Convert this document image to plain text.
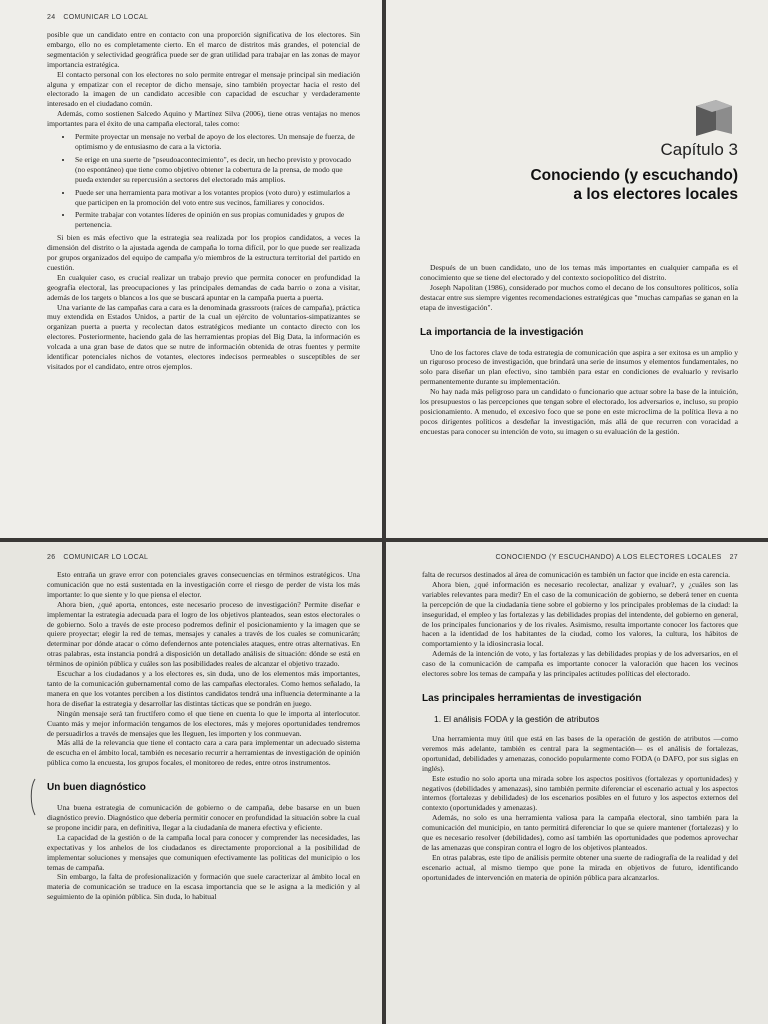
24 COMUNICAR LO LOCAL

posible que un candidato entre en contacto con una proporción significativa de los electores. Sin embargo, ello no es completamente cierto. En el marco de distritos más grandes, el potencial de segmentación y selectividad geográfica puede ser de gran utilidad para trabajar en las zonas de mayor importancia estratégica.

El contacto personal con los electores no solo permite entregar el mensaje principal sin mediación alguna y empatizar con el receptor de dicho mensaje, sino también proyectar hacia el resto del electorado la imagen de un candidato accesible con capacidad de escuchar y verdaderamente interesado en el ciudadano común.

Además, como sostienen Salcedo Aquino y Martínez Silva (2006), tiene otras ventajas no menos importantes para el éxito de una campaña electoral, tales como:

• Permite proyectar un mensaje no verbal de apoyo de los electores. Un mensaje de fuerza, de optimismo y de entusiasmo de cara a la victoria.
• Se erige en una suerte de "pseudoacontecimiento", es decir, un hecho previsto y provocado (no espontáneo) que tiene como objetivo obtener la cobertura de la prensa, de modo que pueda extender su repercusión a sectores del electorado más amplios.
• Puede ser una herramienta para motivar a los votantes propios (voto duro) y estimularlos a que participen en la promoción del voto entre sus vecinos, familiares y conocidos.
• Permite trabajar con votantes líderes de opinión en sus propias comunidades y grupos de pertenencia.

Si bien es más efectivo que la estrategia sea realizada por los propios candidatos, a veces la dimensión del distrito o la ajustada agenda de campaña lo torna difícil, por lo que puede ser realizada por grupos organizados del equipo de campaña y/o miembros de la estructura territorial del partido en cuestión.

En cualquier caso, es crucial realizar un trabajo previo que permita conocer en profundidad la geografía electoral, las preocupaciones y las principales demandas de cada barrio o zona a visitar, además de los targets o blancos a los que se buscará apuntar en la campaña puerta a puerta.

Una variante de las campañas cara a cara es la denominada grassroots (raíces de campaña), práctica muy extendida en Estados Unidos, a partir de la cual un ejército de voluntarios-simpatizantes se organizan puerta a puerta y recolectan datos estratégicos mediante un contacto directo con los electores. Posteriormente, haciendo gala de las herramientas propias del Big Data, la información es volcada a una gran base de datos que se nutre de información obtenida de otras fuentes y permite identificar potenciales nichos de votantes, electores indecisos permeables o susceptibles de ser visitados por el candidato, entre otros ejemplos.

Capítulo 3
Conociendo (y escuchando)
a los electores locales

Después de un buen candidato, uno de los temas más importantes en cualquier campaña es el conocimiento que se tiene del electorado y del contexto sociopolítico del distrito.

Joseph Napolitan (1986), considerado por muchos como el decano de los consultores políticos, solía destacar entre sus siempre vigentes recomendaciones estratégicas que "muchas campañas se ganan en la etapa de investigación".

La importancia de la investigación

Uno de los factores clave de toda estrategia de comunicación que aspira a ser exitosa es un amplio y un riguroso proceso de investigación, que brindará una serie de insumos y elementos fundamentales, no solo para diseñar un plan efectivo, sino también para estar en condiciones de evaluarlo y revisarlo permanentemente durante su implementación.

No hay nada más peligroso para un candidato o funcionario que actuar sobre la base de la intuición, los presupuestos o las percepciones que tengan sobre el electorado, los adversarios e, incluso, su propio posicionamiento. A menudo, el excesivo foco que se pone en este microclima de la política lleva a no pocos dirigentes políticos a desdeñar la investigación, más allá de que recurren con voracidad a encuestas para conocer su intención de voto, su imagen o su evaluación de la gestión.

26 COMUNICAR LO LOCAL

Esto entraña un grave error con potenciales graves consecuencias en términos estratégicos. Una comunicación que no está sustentada en la investigación corre el riesgo de perder de vista los más importante: lo que siente y lo que piensa el elector.

Ahora bien, ¿qué aporta, entonces, este necesario proceso de investigación? Permite diseñar e implementar la estrategia adecuada para el logro de los objetivos planteados, sean estos electorales o de gobierno. Solo a través de este proceso podremos definir el posicionamiento y la imagen que se quiere proyectar; elegir la red de temas, mensajes y canales a través de los cuales se comunicarán; determinar por dónde atacar o cómo defendernos ante potenciales ataques, entre otras alternativas. En otras palabras, esta instancia pondrá a disposición un detallado análisis de situación: dónde se está en términos de opinión pública y cuáles son las posibilidades reales de alcanzar el objetivo trazado.

Escuchar a los ciudadanos y a los electores es, sin duda, uno de los elementos más importantes, tanto de la comunicación gubernamental como de las campañas electorales. Como hemos señalado, la manera en que los votantes perciben a los distintos candidatos tendrá una influencia determinante a la hora de diseñar la estrategia y desarrollar las distintas tácticas que se pondrán en juego.

Ningún mensaje será tan fructífero como el que tiene en cuenta lo que le importa al interlocutor. Cuanto más y mejor información tengamos de los electores, más y mejores oportunidades tendremos de persuadirlos a través de mensajes que les lleguen, les importen y los conmuevan.

Más allá de la relevancia que tiene el contacto cara a cara para implementar un adecuado sistema de escucha en el ámbito local, también es necesario recurrir a herramientas de investigación de opinión pública como la encuesta, los grupos focales, el monitoreo de redes, entre otros instrumentos.

Un buen diagnóstico

Una buena estrategia de comunicación de gobierno o de campaña, debe basarse en un buen diagnóstico previo. Diagnóstico que debería permitir conocer en profundidad la situación sobre la cual se propone incidir para, en definitiva, llegar a la ciudadanía de manera efectiva y eficiente.

La capacidad de la gestión o de la campaña local para conocer y comprender las necesidades, las expectativas y los anhelos de los ciudadanos es directamente proporcional a la posibilidad de implementar soluciones y mensajes que comuniquen efectivamente las políticas del municipio o los temas de campaña.

Sin embargo, la falta de profesionalización y formación que suele caracterizar al ámbito local en materia de comunicación se traduce en la escasa importancia que se le asigna a la medición y al seguimiento de la opinión pública. Sin duda, lo habitual

CONOCIENDO (Y ESCUCHANDO) A LOS ELECTORES LOCALES 27

falta de recursos destinados al área de comunicación es también un factor que incide en esta carencia.

Ahora bien, ¿qué información es necesario recolectar, analizar y evaluar?, y ¿cuáles son las variables relevantes para medir? En el caso de la comunicación de gobierno, se deberá tener en cuenta la percepción de que la ciudadanía tiene sobre el gobierno y los principales problemas de la ciudad: la inseguridad, el empleo y las fortalezas y las debilidades propias del intendente, del gobierno en general, de los principales funcionarios y de los rivales. Asimismo, resulta importante conocer los factores que hacen a la identidad de los habitantes de la ciudad, como los valores, la cultura, los hábitos de comportamiento y la idiosincrasia local.

Además de la intención de voto, y las fortalezas y las debilidades propias y de los adversarios, en el caso de la comunicación de campaña es importante conocer la valoración que hacen los vecinos electores sobre los temas de campaña y las principales actitudes políticas del electorado.

Las principales herramientas de investigación
1. El análisis FODA y la gestión de atributos

Una herramienta muy útil que está en las bases de la operación de gestión de atributos —como veremos más adelante, también es central para la segmentación— es el análisis de fortalezas, oportunidad, debilidades y amenazas, conocido popularmente como FODA (o DAFO, por sus siglas en inglés).

Este estudio no solo aporta una mirada sobre los aspectos positivos (fortalezas y oportunidades) y negativos (debilidades y amenazas), sino también permite diferenciar el escenario actual y los aspectos internos (fortalezas y debilidades) de los escenarios posibles en el futuro y los aspectos externos del contexto (oportunidades y amenazas).

Además, no solo es una herramienta valiosa para la campaña electoral, sino también para la comunicación del municipio, en tanto permitirá diferenciar lo que se quiere mantener (fortalezas) y lo que es necesario resolver (debilidades), como así también las oportunidades que podemos aprovechar de las amenazas que conspiran contra el logro de los objetivos planteados.

En otras palabras, este tipo de análisis permite obtener una suerte de radiografía de la realidad y del escenario actual, al mismo tiempo que pone la mirada en objetivos de futuro, identificando oportunidades de intervención en materia de opinión pública para alcanzarlos.
